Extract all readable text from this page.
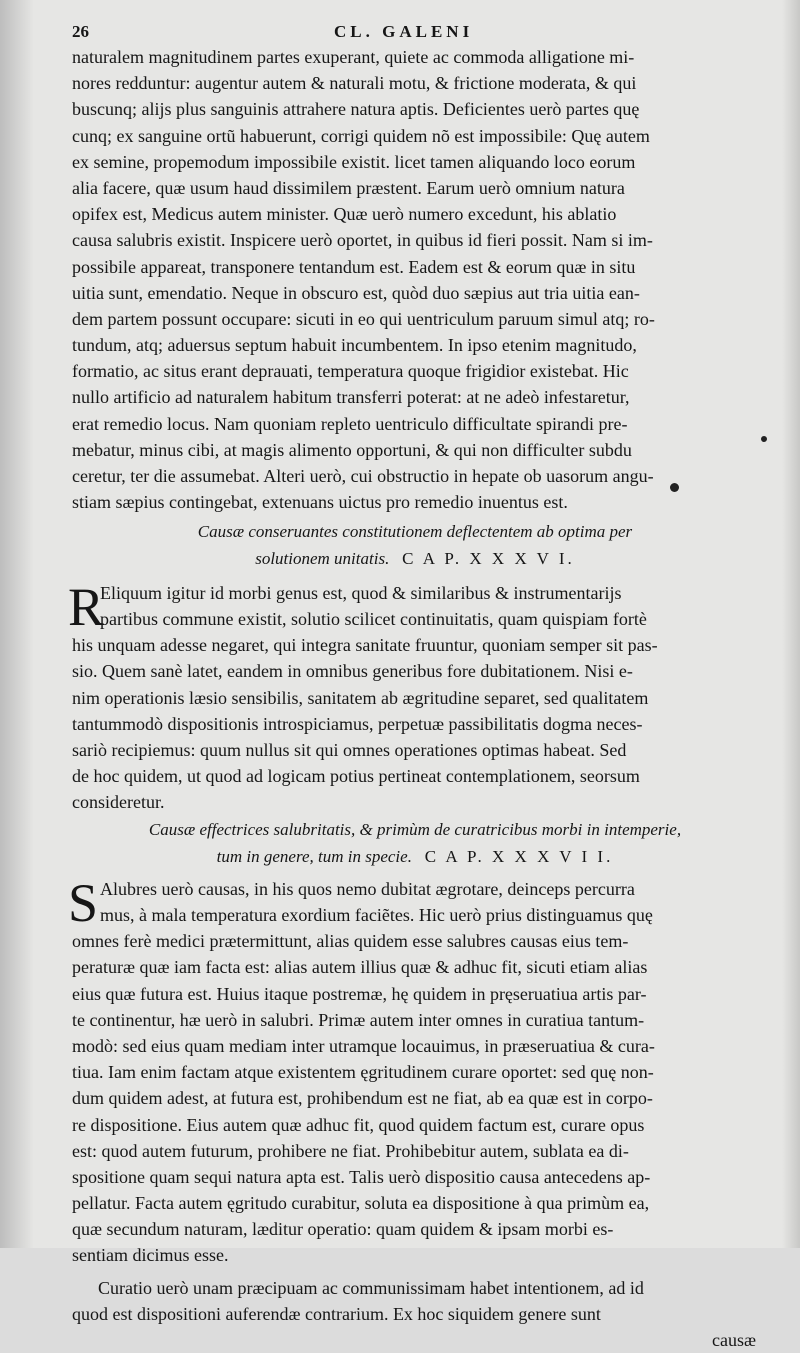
26	CL. GALENI
naturalem magnitudinem partes exuperant, quiete ac commoda alligatione mi-
nores redduntur: augentur autem & naturali motu, & frictione moderata, & qui
buscunq; alijs plus sanguinis attrahere natura aptis. Deficientes uerò partes quę
cunq; ex sanguine ortũ habuerunt, corrigi quidem nõ est impossibile: Quę autem
ex semine, propemodum impossibile existit. licet tamen aliquando loco eorum
alia facere, quæ usum haud dissimilem præstent. Earum uerò omnium natura
opifex est, Medicus autem minister. Quæ uerò numero excedunt, his ablatio
causa salubris existit. Inspicere uerò oportet, in quibus id fieri possit. Nam si im-
possibile appareat, transponere tentandum est. Eadem est & eorum quæ in situ
uitia sunt, emendatio. Neque in obscuro est, quòd duo sæpius aut tria uitia ean-
dem partem possunt occupare: sicuti in eo qui uentriculum paruum simul atq; ro-
tundum, atq; aduersus septum habuit incumbentem. In ipso etenim magnitudo,
formatio, ac situs erant deprauati, temperatura quoque frigidior existebat. Hic
nullo artificio ad naturalem habitum transferri poterat: at ne adeò infestaretur,
erat remedio locus. Nam quoniam repleto uentriculo difficultate spirandi pre-
mebatur, minus cibi, at magis alimento opportuni, & qui non difficulter subdu
ceretur, ter die assumebat. Alteri uerò, cui obstructio in hepate ob uasorum angu-
stiam sæpius contingebat, extenuans uictus pro remedio inuentus est.
Causæ conseruantes constitutionem deflectentem ab optima per
solutionem unitatis. C A P. X X X V I.
R
Eliquum igitur id morbi genus est, quod & similaribus & instrumentarijs
partibus commune existit, solutio scilicet continuitatis, quam quispiam fortè
his unquam adesse negaret, qui integra sanitate fruuntur, quoniam semper sit pas-
sio. Quem sanè latet, eandem in omnibus generibus fore dubitationem. Nisi e-
nim operationis læsio sensibilis, sanitatem ab ægritudine separet, sed qualitatem
tantummodò dispositionis introspiciamus, perpetuæ passibilitatis dogma neces-
sariò recipiemus: quum nullus sit qui omnes operationes optimas habeat. Sed
de hoc quidem, ut quod ad logicam potius pertineat contemplationem, seorsum
consideretur.
Causæ effectrices salubritatis, & primùm de curatricibus morbi in intemperie,
tum in genere, tum in specie. C A P. X X X V I I.
S Alubres uerò causas, in his quos nemo dubitat ægrotare, deinceps percurra
mus, à mala temperatura exordium faciẽtes. Hic uerò prius distinguamus quę
omnes ferè medici prætermittunt, alias quidem esse salubres causas eius tem-
peraturæ quæ iam facta est: alias autem illius quæ & adhuc fit, sicuti etiam alias
eius quæ futura est. Huius itaque postremæ, hę quidem in pręseruatiua artis par-
te continentur, hæ uerò in salubri. Primæ autem inter omnes in curatiua tantum-
modò: sed eius quam mediam inter utramque locauimus, in præseruatiua & cura-
tiua. Iam enim factam atque existentem ęgritudinem curare oportet: sed quę non-
dum quidem adest, at futura est, prohibendum est ne fiat, ab ea quæ est in corpo-
re dispositione. Eius autem quæ adhuc fit, quod quidem factum est, curare opus
est: quod autem futurum, prohibere ne fiat. Prohibebitur autem, sublata ea di-
spositione quam sequi natura apta est. Talis uerò dispositio causa antecedens ap-
pellatur. Facta autem ęgritudo curabitur, soluta ea dispositione à qua primùm ea,
quæ secundum naturam, læditur operatio: quam quidem & ipsam morbi es-
sentiam dicimus esse.
Curatio uerò unam præcipuam ac communissimam habet intentionem, ad id
quod est dispositioni auferendæ contrarium. Ex hoc siquidem genere sunt
causæ
